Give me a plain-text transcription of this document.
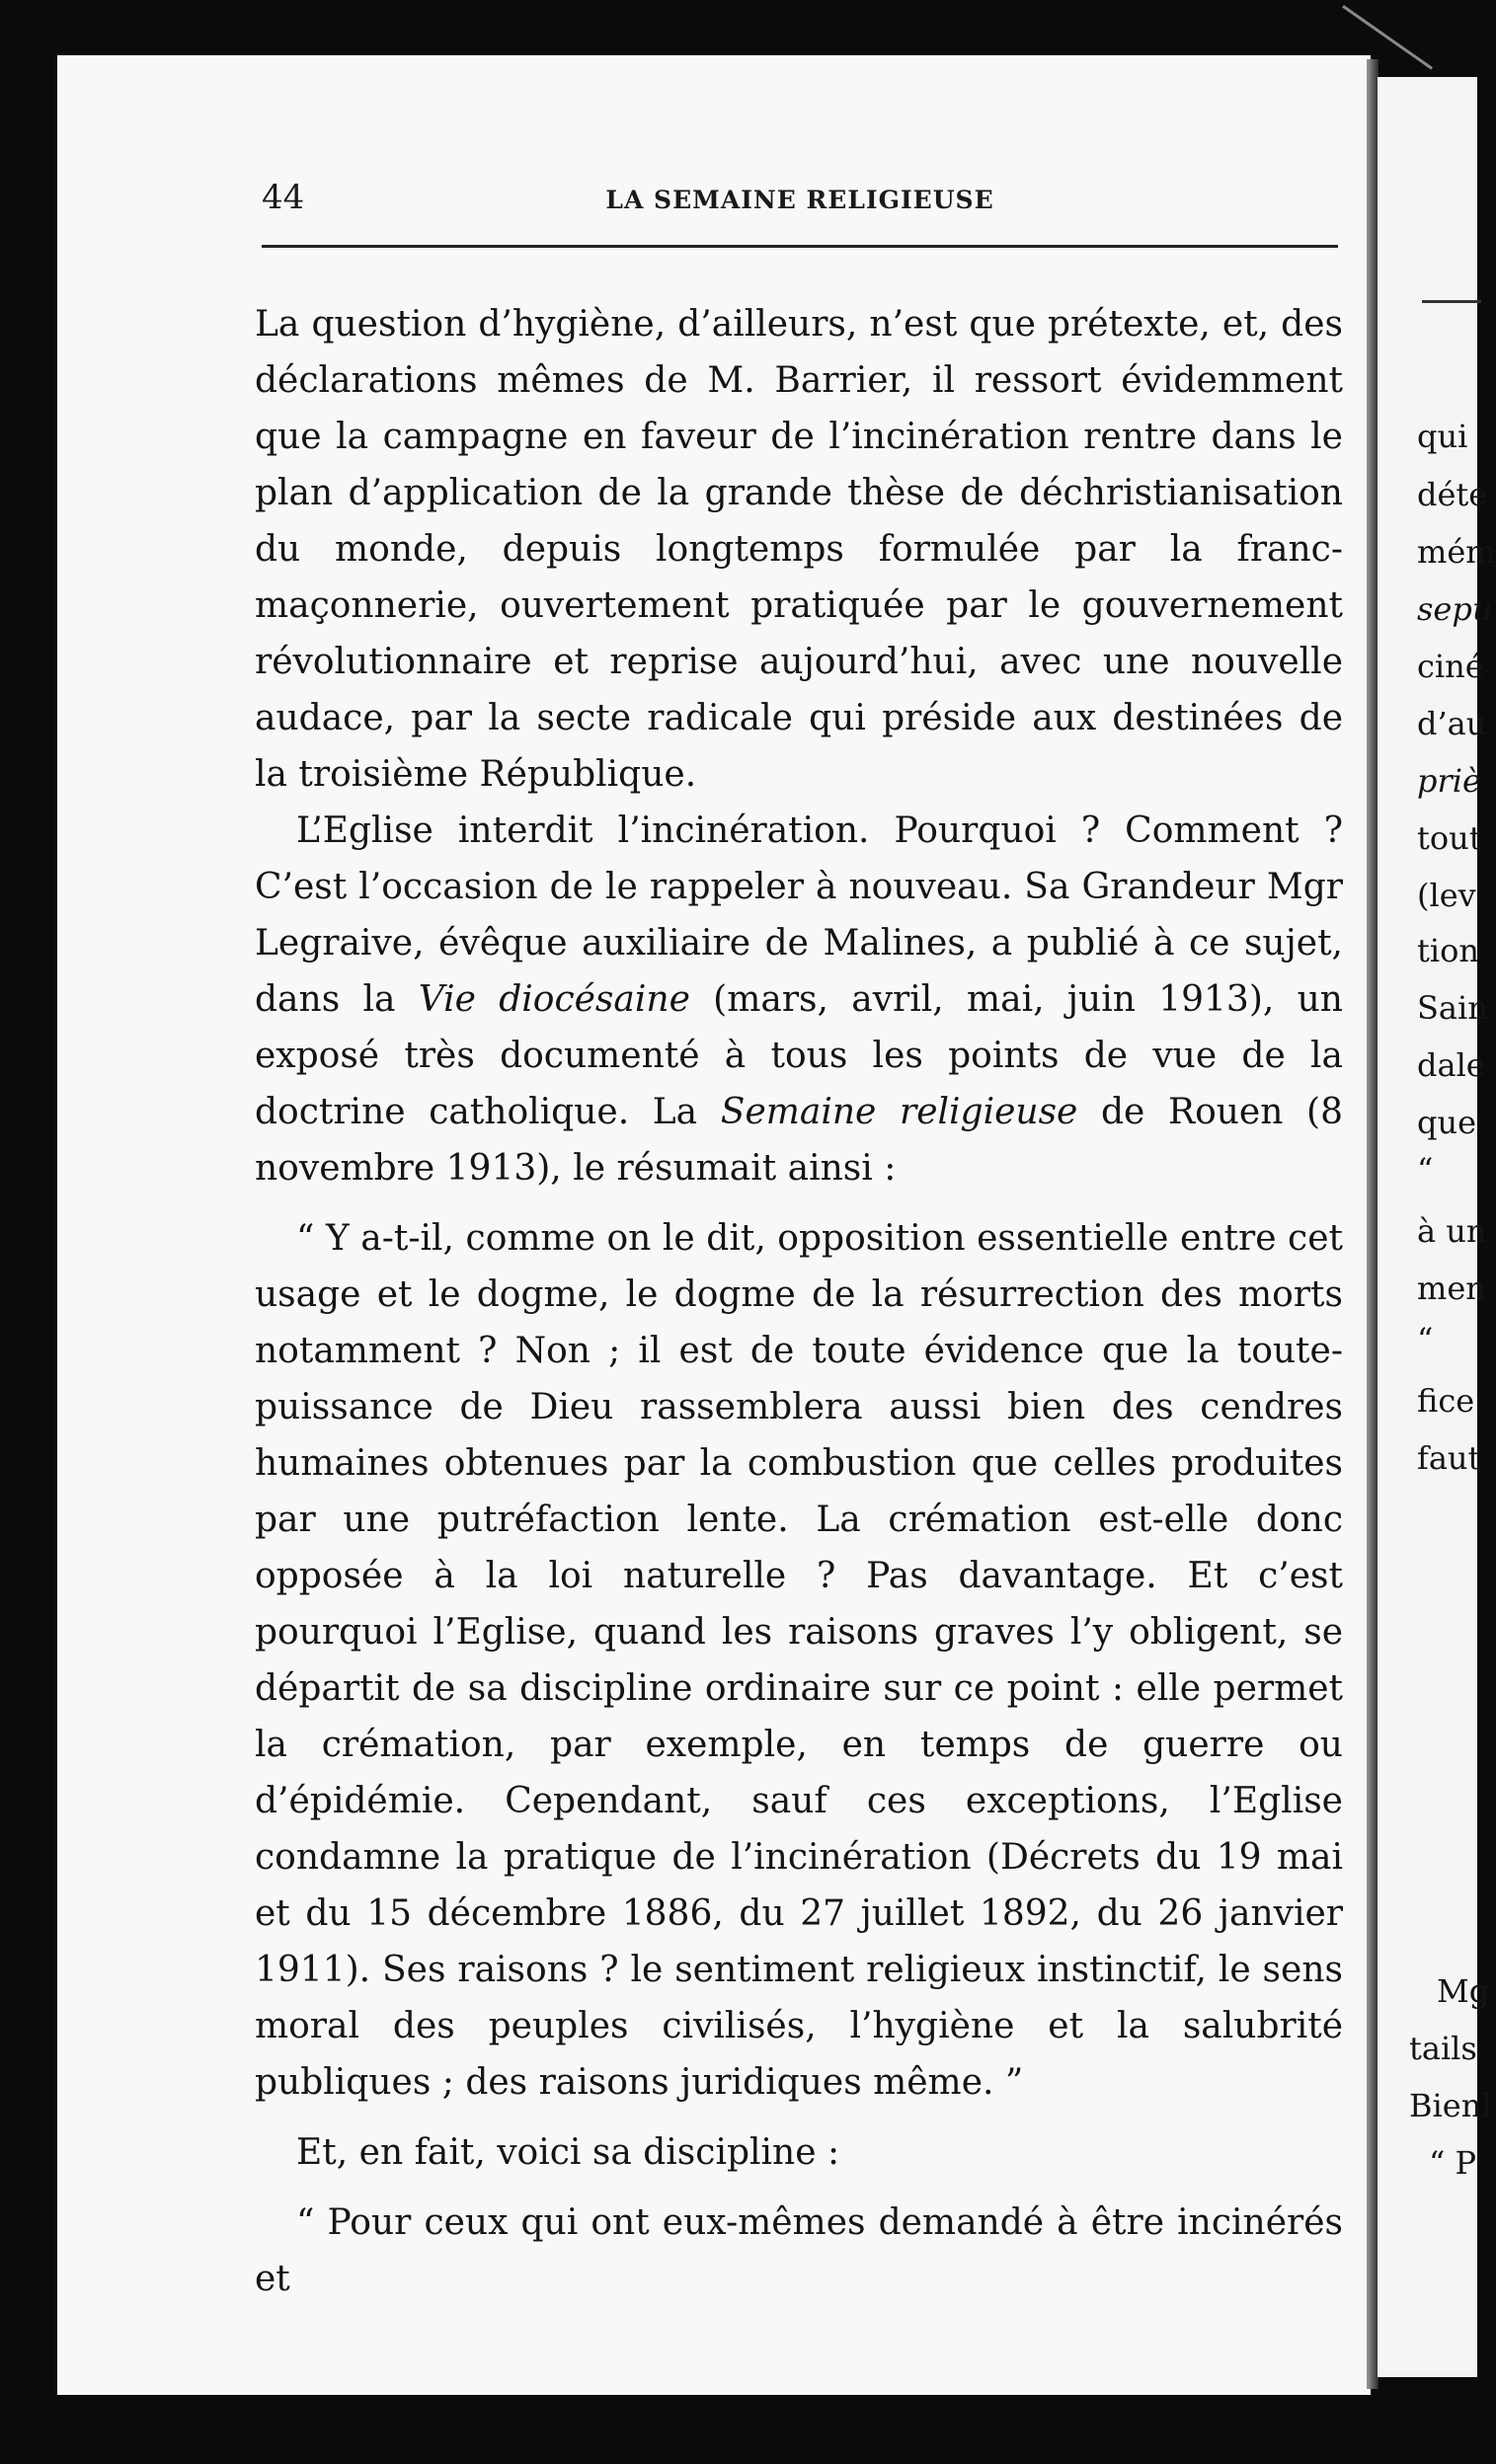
44	LA SEMAINE RELIGIEUSE

La question d’hygiène, d’ailleurs, n’est que prétexte, et, des déclarations mêmes de M. Barrier, il ressort évidemment que la campagne en faveur de l’incinération rentre dans le plan d’application de la grande thèse de déchristianisation du monde, depuis longtemps formulée par la franc-maçonnerie, ouvertement pratiquée par le gouvernement révolutionnaire et reprise aujourd’hui, avec une nouvelle audace, par la secte radicale qui préside aux destinées de la troisième République.

L’Eglise interdit l’incinération. Pourquoi ? Comment ? C’est l’occasion de le rappeler à nouveau. Sa Grandeur Mgr Legraive, évêque auxiliaire de Malines, a publié à ce sujet, dans la Vie diocésaine (mars, avril, mai, juin 1913), un exposé très documenté à tous les points de vue de la doctrine catholique. La Semaine religieuse de Rouen (8 novembre 1913), le résumait ainsi :

“ Y a-t-il, comme on le dit, opposition essentielle entre cet usage et le dogme, le dogme de la résurrection des morts notamment ? Non ; il est de toute évidence que la toute-puissance de Dieu rassemblera aussi bien des cendres humaines obtenues par la combustion que celles produites par une putréfaction lente. La crémation est-elle donc opposée à la loi naturelle ? Pas davantage. Et c’est pourquoi l’Eglise, quand les raisons graves l’y obligent, se départit de sa discipline ordinaire sur ce point : elle permet la crémation, par exemple, en temps de guerre ou d’épidémie. Cependant, sauf ces exceptions, l’Eglise condamne la pratique de l’incinération (Décrets du 19 mai et du 15 décembre 1886, du 27 juillet 1892, du 26 janvier 1911). Ses raisons ? le sentiment religieux instinctif, le sens moral des peuples civilisés, l’hygiène et la salubrité publiques ; des raisons juridiques même. ”

Et, en fait, voici sa discipline :

“ Pour ceux qui ont eux-mêmes demandé à être incinérés et

qui
déte
mém
sepu
ciné
d’au
priè
tout
(lev
tion
Sain
dale
que
“
à un
men
“
fice
faut
Mg
tails
Bienl
“ P
